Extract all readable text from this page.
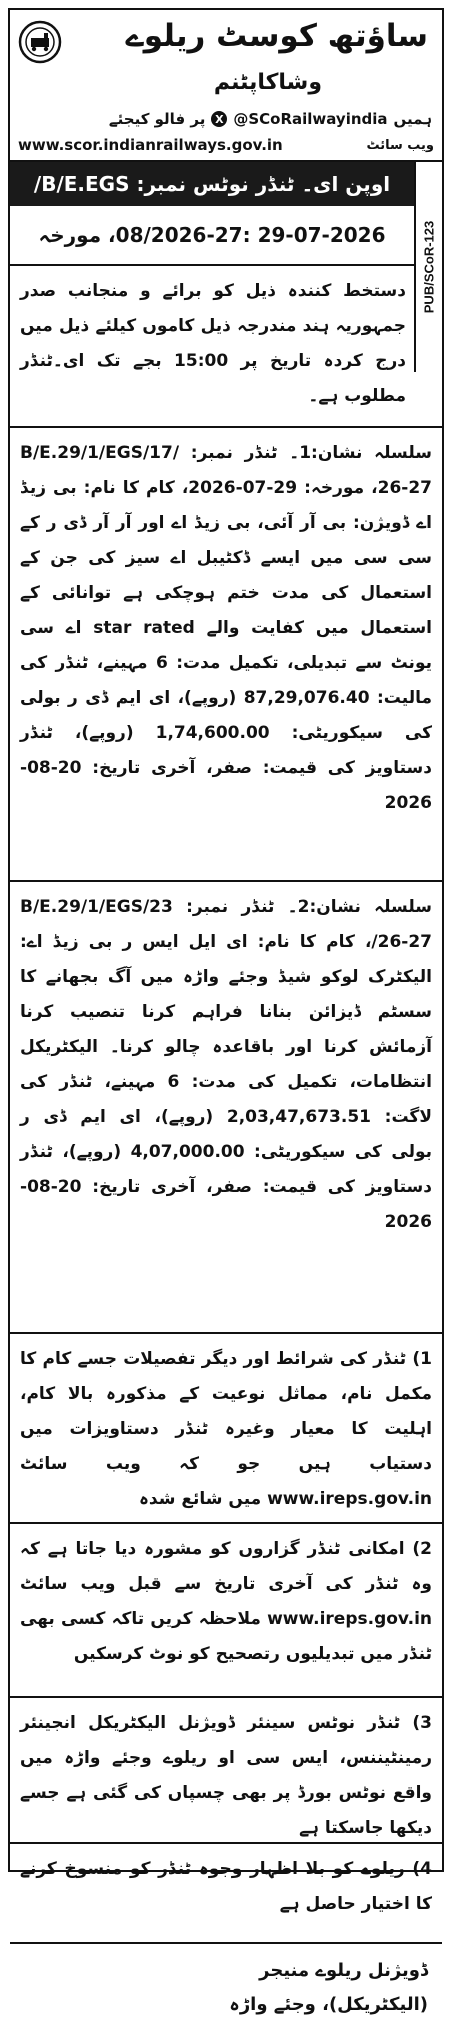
ساؤتھ کوسٹ ریلوے
وشاکاپٹنم
ہمیں
@SCoRailwayindia
X
پر فالو کیجئے
www.scor.indianrailways.gov.in	ویب سائٹ
اوپن ای۔ ٹنڈر نوٹس نمبر: B/E.EGS/
29-07-2026 :08/2026-27، مورخہ	PUB/SCoR-123
دستخط کنندہ ذیل کو برائے و منجانب صدر جمہوریہ ہند مندرجہ ذیل کاموں کیلئے ذیل میں درج کردہ تاریخ پر 15:00 بجے تک ای۔ٹنڈر مطلوب ہے۔
سلسلہ نشان:1۔ ٹنڈر نمبر: B/E.29/1/EGS/17/ 26-27، مورخہ: 29-07-2026، کام کا نام: بی زیڈ اے ڈویژن: بی آر آئی، بی زیڈ اے اور آر آر ڈی ر کے سی سی میں ایسے ڈکٹیبل اے سیز کی جن کے استعمال کی مدت ختم ہوچکی ہے توانائی کے استعمال میں کفایت والے star rated اے سی یونٹ سے تبدیلی، تکمیل مدت: 6 مہینے، ٹنڈر کی مالیت: 87,29,076.40 (روپے)، ای ایم ڈی ر بولی کی سیکوریٹی: 1,74,600.00 (روپے)، ٹنڈر دستاویز کی قیمت: صفر، آخری تاریخ: 20-08-2026
سلسلہ نشان:2۔ ٹنڈر نمبر: B/E.29/1/EGS/23 26-27/، کام کا نام: ای ایل ایس ر بی زیڈ اے: الیکٹرک لوکو شیڈ وجئے واڑہ میں آگ بجھانے کا سسٹم ڈیزائن بنانا فراہم کرنا تنصیب کرنا آزمائش کرنا اور باقاعدہ چالو کرنا۔ الیکٹریکل انتظامات، تکمیل کی مدت: 6 مہینے، ٹنڈر کی لاگت: 2,03,47,673.51 (روپے)، ای ایم ڈی ر بولی کی سیکوریٹی: 4,07,000.00 (روپے)، ٹنڈر دستاویز کی قیمت: صفر، آخری تاریخ: 20-08-2026
1) ٹنڈر کی شرائط اور دیگر تفصیلات جسے کام کا مکمل نام، مماثل نوعیت کے مذکورہ بالا کام، اہلیت کا معیار وغیرہ ٹنڈر دستاویزات میں دستیاب ہیں جو کہ ویب سائٹ www.ireps.gov.in میں شائع شدہ
2) امکانی ٹنڈر گزاروں کو مشورہ دیا جاتا ہے کہ وہ ٹنڈر کی آخری تاریخ سے قبل ویب سائٹ www.ireps.gov.in ملاحظہ کریں تاکہ کسی بھی ٹنڈر میں تبدیلیوں رتصحیح کو نوٹ کرسکیں
3) ٹنڈر نوٹس سینئر ڈویژنل الیکٹریکل انجینئر رمینٹیننس، ایس سی او ریلوے وجئے واڑہ میں واقع نوٹس بورڈ پر بھی چسپاں کی گئی ہے جسے دیکھا جاسکتا ہے
4) ریلوے کو بلا اظہار وجوہ ٹنڈر کو منسوخ کرنے کا اختیار حاصل ہے
ڈویژنل ریلوے منیجر
(الیکٹریکل)، وجئے واڑہ
